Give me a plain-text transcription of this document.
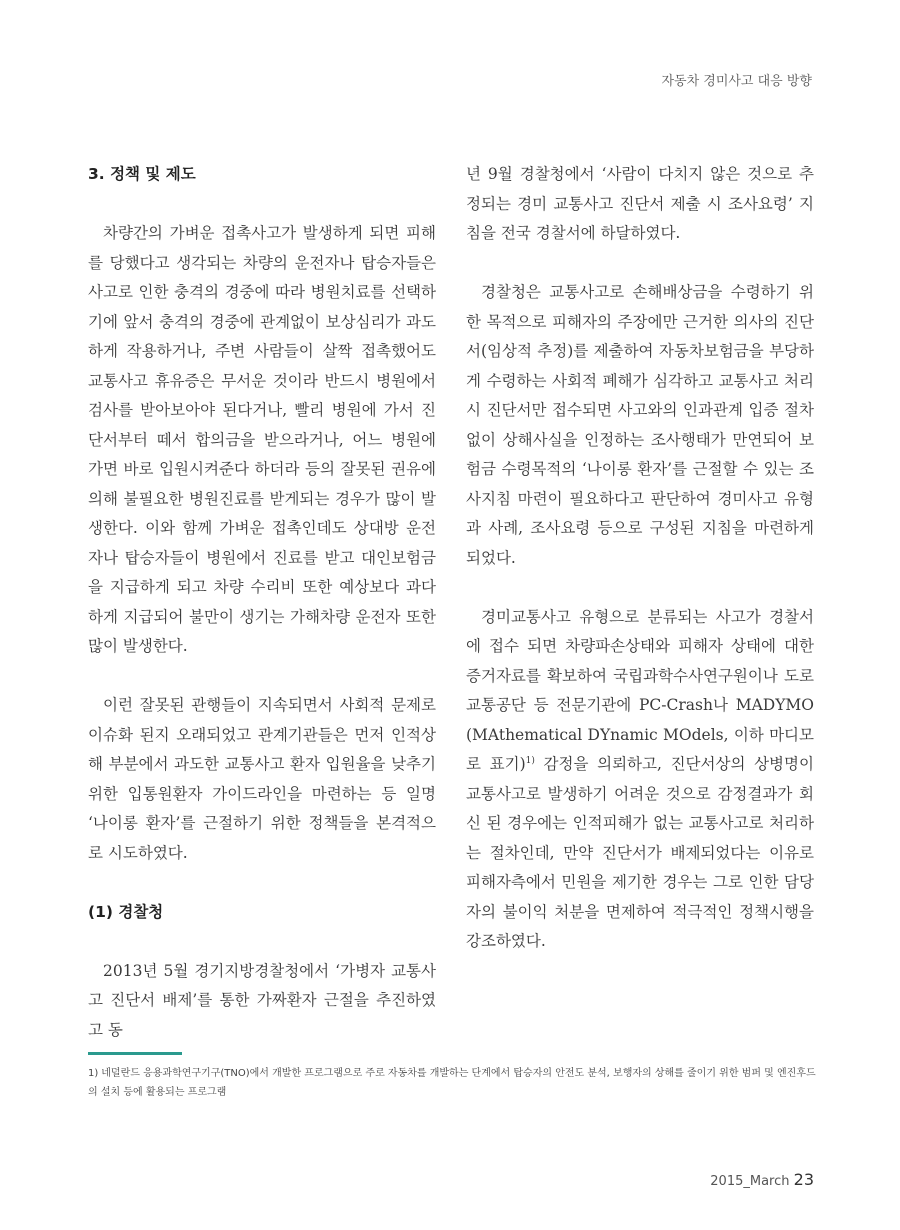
자동차 경미사고 대응 방향
3. 정책 및 제도

차량간의 가벼운 접촉사고가 발생하게 되면 피해를 당했다고 생각되는 차량의 운전자나 탑승자들은 사고로 인한 충격의 경중에 따라 병원치료를 선택하기에 앞서 충격의 경중에 관계없이 보상심리가 과도하게 작용하거나, 주변 사람들이 살짝 접촉했어도 교통사고 휴유증은 무서운 것이라 반드시 병원에서 검사를 받아보아야 된다거나, 빨리 병원에 가서 진단서부터 떼서 합의금을 받으라거나, 어느 병원에 가면 바로 입원시켜준다 하더라 등의 잘못된 권유에 의해 불필요한 병원진료를 받게되는 경우가 많이 발생한다. 이와 함께 가벼운 접촉인데도 상대방 운전자나 탑승자들이 병원에서 진료를 받고 대인보험금을 지급하게 되고 차량 수리비 또한 예상보다 과다하게 지급되어 불만이 생기는 가해차량 운전자 또한 많이 발생한다.

이런 잘못된 관행들이 지속되면서 사회적 문제로 이슈화 된지 오래되었고 관계기관들은 먼저 인적상해 부분에서 과도한 교통사고 환자 입원율을 낮추기 위한 입통원환자 가이드라인을 마련하는 등 일명 ‘나이롱 환자’를 근절하기 위한 정책들을 본격적으로 시도하였다.

(1) 경찰청

2013년 5월 경기지방경찰청에서 ‘가병자 교통사고 진단서 배제’를 통한 가짜환자 근절을 추진하였고 동

년 9월 경찰청에서 ‘사람이 다치지 않은 것으로 추정되는 경미 교통사고 진단서 제출 시 조사요령’ 지침을 전국 경찰서에 하달하였다.

경찰청은 교통사고로 손해배상금을 수령하기 위한 목적으로 피해자의 주장에만 근거한 의사의 진단서(임상적 추정)를 제출하여 자동차보험금을 부당하게 수령하는 사회적 폐해가 심각하고 교통사고 처리 시 진단서만 접수되면 사고와의 인과관계 입증 절차 없이 상해사실을 인정하는 조사행태가 만연되어 보험금 수령목적의 ‘나이롱 환자’를 근절할 수 있는 조사지침 마련이 필요하다고 판단하여 경미사고 유형과 사례, 조사요령 등으로 구성된 지침을 마련하게 되었다.

경미교통사고 유형으로 분류되는 사고가 경찰서에 접수 되면 차량파손상태와 피해자 상태에 대한 증거자료를 확보하여 국립과학수사연구원이나 도로교통공단 등 전문기관에 PC-Crash나 MADYMO(MAthematical DYnamic MOdels, 이하 마디모로 표기)$^{1)}$ 감정을 의뢰하고, 진단서상의 상병명이 교통사고로 발생하기 어려운 것으로 감정결과가 회신 된 경우에는 인적피해가 없는 교통사고로 처리하는 절차인데, 만약 진단서가 배제되었다는 이유로 피해자측에서 민원을 제기한 경우는 그로 인한 담당자의 불이익 처분을 면제하여 적극적인 정책시행을 강조하였다.

1) 네덜란드 응용과학연구기구(TNO)에서 개발한 프로그램으로 주로 자동차를 개발하는 단계에서 탑승자의 안전도 분석, 보행자의 상해를 줄이기 위한 범퍼 및 엔진후드의 설치 등에 활용되는 프로그램
2015_March 23
